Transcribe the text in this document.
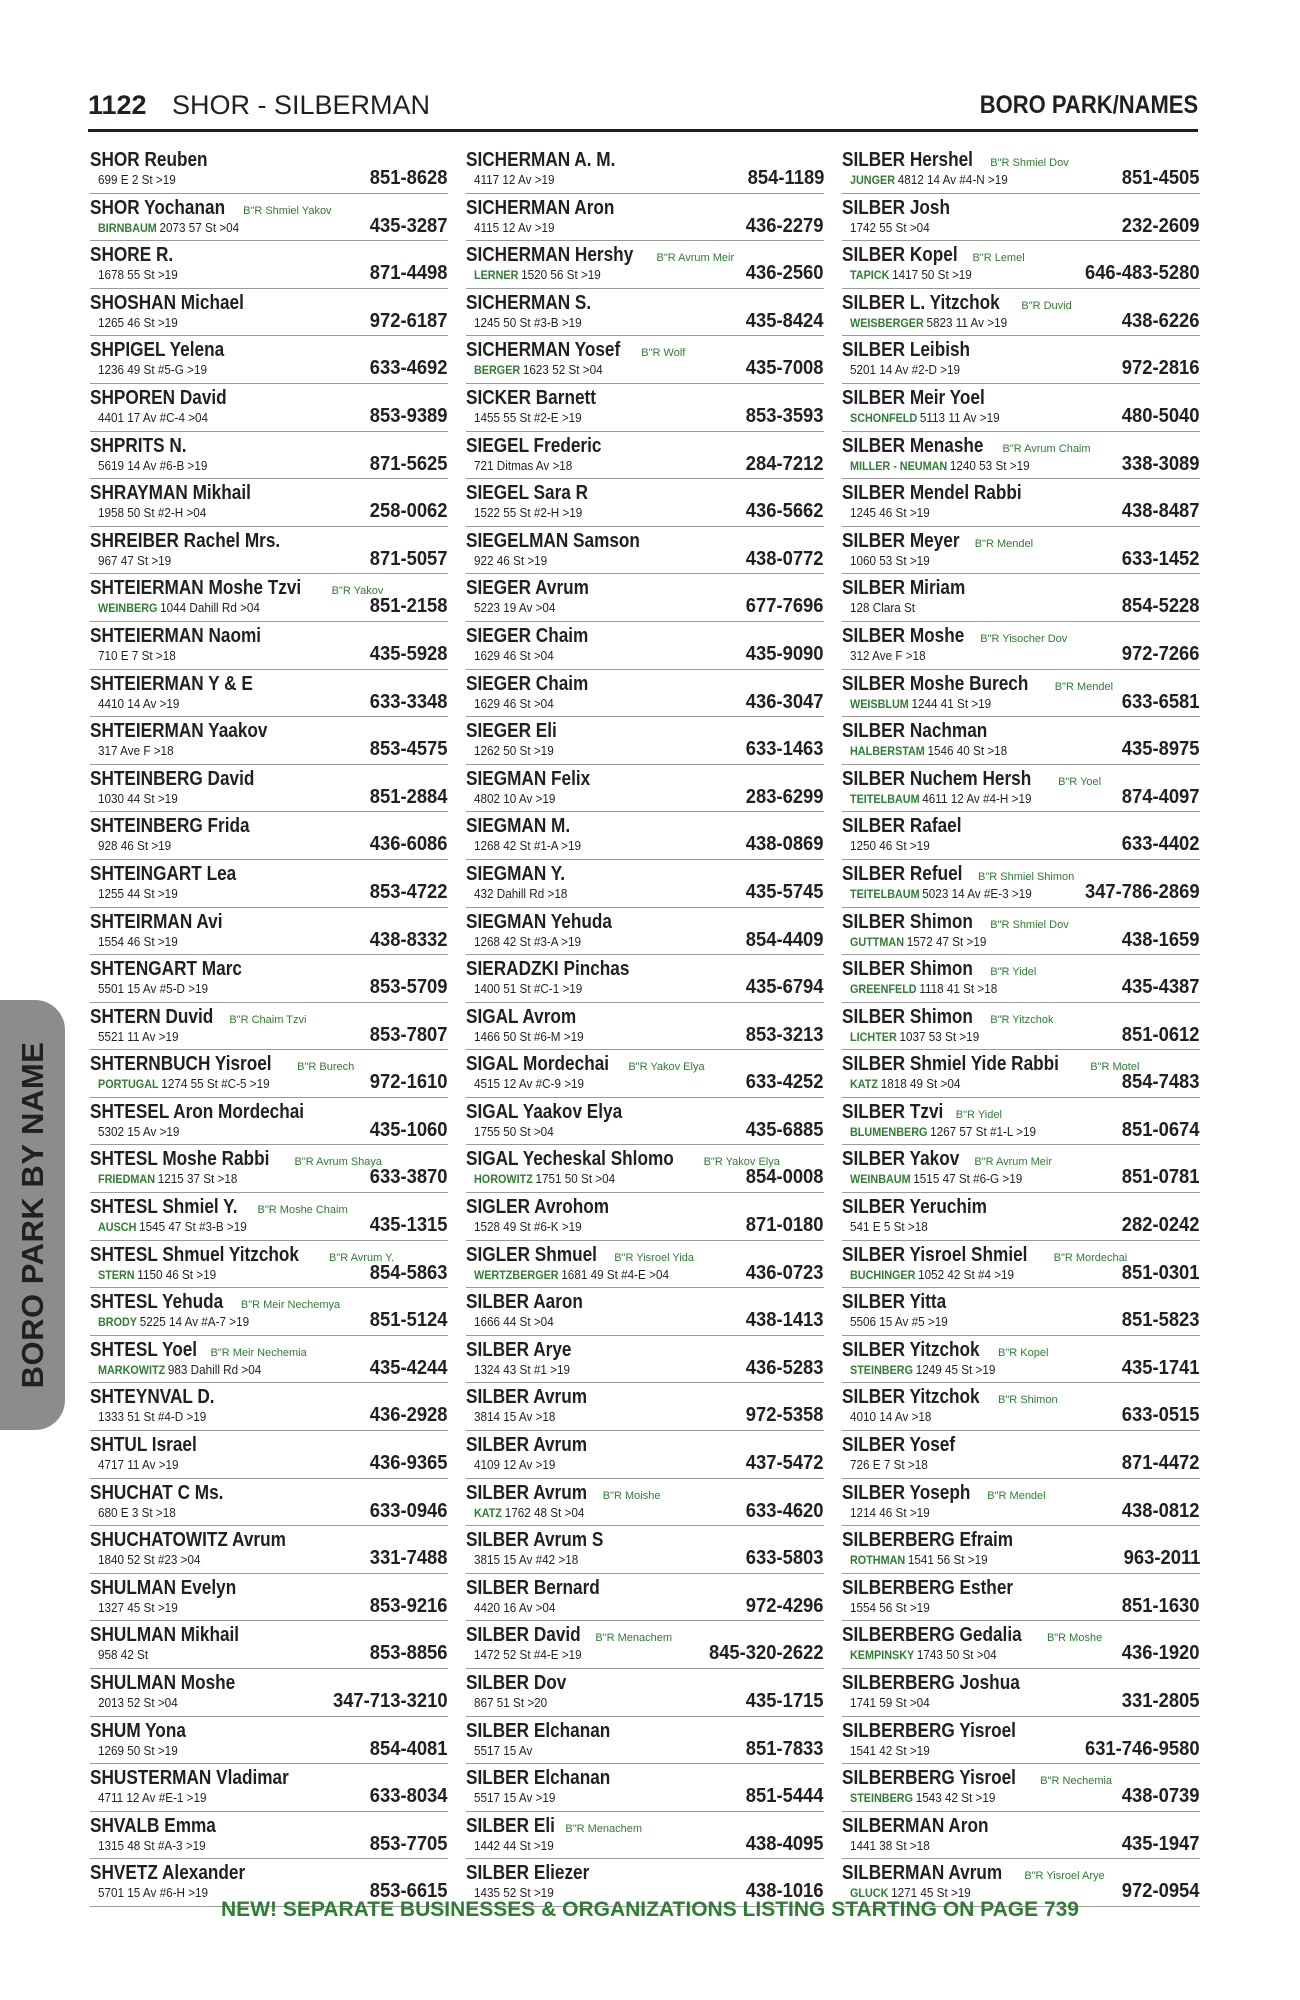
1122 SHOR - SILBERMAN	BORO PARK/NAMES
SHOR Reuben
699 E 2 St >19	851-8628
SHOR Yochanan B"R Shmiel Yakov
BIRNBAUM 2073 57 St >04	435-3287
SHORE R.
1678 55 St >19	871-4498
SHOSHAN Michael
1265 46 St >19	972-6187
SHPIGEL Yelena
1236 49 St #5-G >19	633-4692
SHPOREN David
4401 17 Av #C-4 >04	853-9389
SHPRITS N.
5619 14 Av #6-B >19	871-5625
SHRAYMAN Mikhail
1958 50 St #2-H >04	258-0062
SHREIBER Rachel Mrs.
967 47 St >19	871-5057
SHTEIERMAN Moshe Tzvi	B"R Yakov
WEINBERG 1044 Dahill Rd >04	851-2158
SHTEIERMAN Naomi
710 E 7 St >18	435-5928
SHTEIERMAN Y & E
4410 14 Av >19	633-3348
SHTEIERMAN Yaakov
317 Ave F >18	853-4575
SHTEINBERG David
1030 44 St >19	851-2884
SHTEINBERG Frida
928 46 St >19	436-6086
SHTEINGART Lea
1255 44 St >19	853-4722
SHTEIRMAN Avi
1554 46 St >19	438-8332
SHTENGART Marc
5501 15 Av #5-D >19	853-5709
SHTERN Duvid B"R Chaim Tzvi
5521 11 Av >19	853-7807
SHTERNBUCH Yisroel B"R Burech
PORTUGAL 1274 55 St #C-5 >19	972-1610
SHTESEL Aron Mordechai
5302 15 Av >19	435-1060
SHTESL Moshe Rabbi B"R Avrum Shaya
FRIEDMAN 1215 37 St >18	633-3870
SHTESL Shmiel Y. B"R Moshe Chaim
AUSCH 1545 47 St #3-B >19	435-1315
SHTESL Shmuel Yitzchok	B"R Avrum Y.
STERN 1150 46 St >19	854-5863
SHTESL Yehuda B"R Meir Nechemya
BRODY 5225 14 Av #A-7 >19	851-5124
SHTESL Yoel B"R Meir Nechemia
MARKOWITZ 983 Dahill Rd >04	435-4244
SHTEYNVAL D.
1333 51 St #4-D >19	436-2928
SHTUL Israel
4717 11 Av >19	436-9365
SHUCHAT C Ms.
680 E 3 St >18	633-0946
SHUCHATOWITZ Avrum
1840 52 St #23 >04	331-7488
SHULMAN Evelyn
1327 45 St >19	853-9216
SHULMAN Mikhail
958 42 St	853-8856
SHULMAN Moshe
2013 52 St >04	347-713-3210
SHUM Yona
1269 50 St >19	854-4081
SHUSTERMAN Vladimar
4711 12 Av #E-1 >19	633-8034
SHVALB Emma
1315 48 St #A-3 >19	853-7705
SHVETZ Alexander
5701 15 Av #6-H >19	853-6615
SICHERMAN A. M.
4117 12 Av >19	854-1189
SICHERMAN Aron
4115 12 Av >19	436-2279
SICHERMAN Hershy B"R Avrum Meir
LERNER 1520 56 St >19	436-2560
SICHERMAN S.
1245 50 St #3-B >19	435-8424
SICHERMAN Yosef B"R Wolf
BERGER 1623 52 St >04	435-7008
SICKER Barnett
1455 55 St #2-E >19	853-3593
SIEGEL Frederic
721 Ditmas Av >18	284-7212
SIEGEL Sara R
1522 55 St #2-H >19	436-5662
SIEGELMAN Samson
922 46 St >19	438-0772
SIEGER Avrum
5223 19 Av >04	677-7696
SIEGER Chaim
1629 46 St >04	435-9090
SIEGER Chaim
1629 46 St >04	436-3047
SIEGER Eli
1262 50 St >19	633-1463
SIEGMAN Felix
4802 10 Av >19	283-6299
SIEGMAN M.
1268 42 St #1-A >19	438-0869
SIEGMAN Y.
432 Dahill Rd >18	435-5745
SIEGMAN Yehuda
1268 42 St #3-A >19	854-4409
SIERADZKI Pinchas
1400 51 St #C-1 >19	435-6794
SIGAL Avrom
1466 50 St #6-M >19	853-3213
SIGAL Mordechai B"R Yakov Elya
4515 12 Av #C-9 >19	633-4252
SIGAL Yaakov Elya
1755 50 St >04	435-6885
SIGAL Yecheskal Shlomo	B"R Yakov Elya
HOROWITZ 1751 50 St >04	854-0008
SIGLER Avrohom
1528 49 St #6-K >19	871-0180
SIGLER Shmuel B"R Yisroel Yida
WERTZBERGER 1681 49 St #4-E >04	436-0723
SILBER Aaron
1666 44 St >04	438-1413
SILBER Arye
1324 43 St #1 >19	436-5283
SILBER Avrum
3814 15 Av >18	972-5358
SILBER Avrum
4109 12 Av >19	437-5472
SILBER Avrum B"R Moishe
KATZ 1762 48 St >04	633-4620
SILBER Avrum S
3815 15 Av #42 >18	633-5803
SILBER Bernard
4420 16 Av >04	972-4296
SILBER David B"R Menachem
1472 52 St #4-E >19	845-320-2622
SILBER Dov
867 51 St >20	435-1715
SILBER Elchanan
5517 15 Av	851-7833
SILBER Elchanan
5517 15 Av >19	851-5444
SILBER Eli B"R Menachem
1442 44 St >19	438-4095
SILBER Eliezer
1435 52 St >19	438-1016
SILBER Hershel B"R Shmiel Dov
JUNGER 4812 14 Av #4-N >19	851-4505
SILBER Josh
1742 55 St >04	232-2609
SILBER Kopel B"R Lemel
TAPICK 1417 50 St >19	646-483-5280
SILBER L. Yitzchok B"R Duvid
WEISBERGER 5823 11 Av >19	438-6226
SILBER Leibish
5201 14 Av #2-D >19	972-2816
SILBER Meir Yoel
SCHONFELD 5113 11 Av >19	480-5040
SILBER Menashe B"R Avrum Chaim
MILLER - NEUMAN 1240 53 St >19	338-3089
SILBER Mendel Rabbi
1245 46 St >19	438-8487
SILBER Meyer B"R Mendel
1060 53 St >19	633-1452
SILBER Miriam
128 Clara St	854-5228
SILBER Moshe B"R Yisocher Dov
312 Ave F >18	972-7266
SILBER Moshe Burech B"R Mendel
WEISBLUM 1244 41 St >19	633-6581
SILBER Nachman
HALBERSTAM 1546 40 St >18	435-8975
SILBER Nuchem Hersh B"R Yoel
TEITELBAUM 4611 12 Av #4-H >19	874-4097
SILBER Rafael
1250 46 St >19	633-4402
SILBER Refuel B"R Shmiel Shimon
TEITELBAUM 5023 14 Av #E-3 >19	347-786-2869
SILBER Shimon B"R Shmiel Dov
GUTTMAN 1572 47 St >19	438-1659
SILBER Shimon B"R Yidel
GREENFELD 1118 41 St >18	435-4387
SILBER Shimon B"R Yitzchok
LICHTER 1037 53 St >19	851-0612
SILBER Shmiel Yide Rabbi	B"R Motel
KATZ 1818 49 St >04	854-7483
SILBER Tzvi B"R Yidel
BLUMENBERG 1267 57 St #1-L >19	851-0674
SILBER Yakov B"R Avrum Meir
WEINBAUM 1515 47 St #6-G >19	851-0781
SILBER Yeruchim
541 E 5 St >18	282-0242
SILBER Yisroel Shmiel B"R Mordechai
BUCHINGER 1052 42 St #4 >19	851-0301
SILBER Yitta
5506 15 Av #5 >19	851-5823
SILBER Yitzchok B"R Kopel
STEINBERG 1249 45 St >19	435-1741
SILBER Yitzchok B"R Shimon
4010 14 Av >18	633-0515
SILBER Yosef
726 E 7 St >18	871-4472
SILBER Yoseph B"R Mendel
1214 46 St >19	438-0812
SILBERBERG Efraim
ROTHMAN 1541 56 St >19	963-2011
SILBERBERG Esther
1554 56 St >19	851-1630
SILBERBERG Gedalia B"R Moshe
KEMPINSKY 1743 50 St >04	436-1920
SILBERBERG Joshua
1741 59 St >04	331-2805
SILBERBERG Yisroel
1541 42 St >19	631-746-9580
SILBERBERG Yisroel B"R Nechemia
STEINBERG 1543 42 St >19	438-0739
SILBERMAN Aron
1441 38 St >18	435-1947
SILBERMAN Avrum B"R Yisroel Arye
GLUCK 1271 45 St >19	972-0954
BORO PARK BY NAME
NEW! SEPARATE BUSINESSES & ORGANIZATIONS LISTING STARTING ON PAGE 739
